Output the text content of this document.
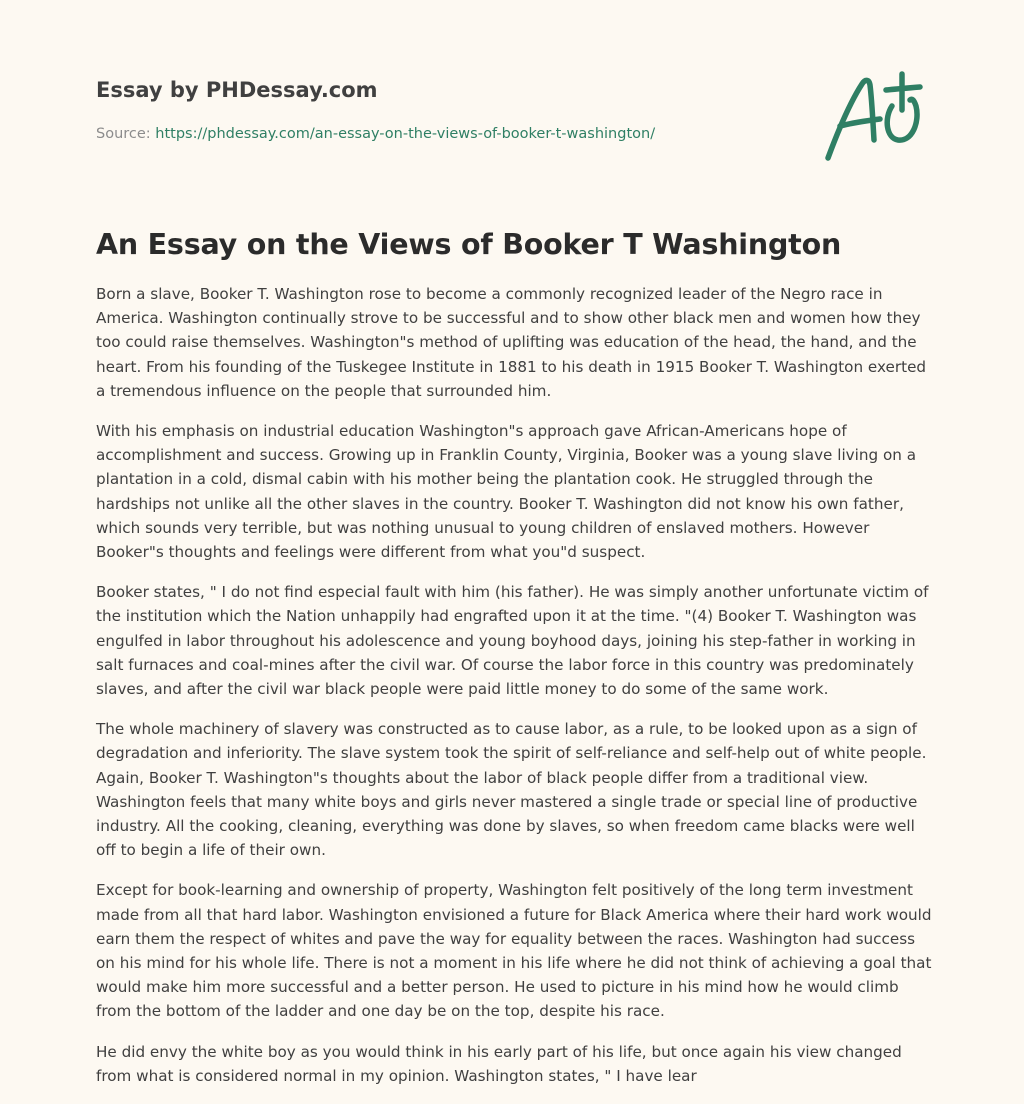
Essay by PHDessay.com
Source: https://phdessay.com/an-essay-on-the-views-of-booker-t-washington/
An Essay on the Views of Booker T Washington

Born a slave, Booker T. Washington rose to become a commonly recognized leader of the Negro race in America. Washington continually strove to be successful and to show other black men and women how they too could raise themselves. Washington"s method of uplifting was education of the head, the hand, and the heart. From his founding of the Tuskegee Institute in 1881 to his death in 1915 Booker T. Washington exerted a tremendous influence on the people that surrounded him.

With his emphasis on industrial education Washington"s approach gave African-Americans hope of accomplishment and success. Growing up in Franklin County, Virginia, Booker was a young slave living on a plantation in a cold, dismal cabin with his mother being the plantation cook. He struggled through the hardships not unlike all the other slaves in the country. Booker T. Washington did not know his own father, which sounds very terrible, but was nothing unusual to young children of enslaved mothers. However Booker"s thoughts and feelings were different from what you"d suspect.

Booker states, " I do not find especial fault with him (his father). He was simply another unfortunate victim of the institution which the Nation unhappily had engrafted upon it at the time. "(4) Booker T. Washington was engulfed in labor throughout his adolescence and young boyhood days, joining his step-father in working in salt furnaces and coal-mines after the civil war. Of course the labor force in this country was predominately slaves, and after the civil war black people were paid little money to do some of the same work.

The whole machinery of slavery was constructed as to cause labor, as a rule, to be looked upon as a sign of degradation and inferiority. The slave system took the spirit of self-reliance and self-help out of white people. Again, Booker T. Washington"s thoughts about the labor of black people differ from a traditional view. Washington feels that many white boys and girls never mastered a single trade or special line of productive industry. All the cooking, cleaning, everything was done by slaves, so when freedom came blacks were well off to begin a life of their own.

Except for book-learning and ownership of property, Washington felt positively of the long term investment made from all that hard labor. Washington envisioned a future for Black America where their hard work would earn them the respect of whites and pave the way for equality between the races. Washington had success on his mind for his whole life. There is not a moment in his life where he did not think of achieving a goal that would make him more successful and a better person. He used to picture in his mind how he would climb from the bottom of the ladder and one day be on the top, despite his race.

He did envy the white boy as you would think in his early part of his life, but once again his view changed from what is considered normal in my opinion. Washington states, " I have lear
